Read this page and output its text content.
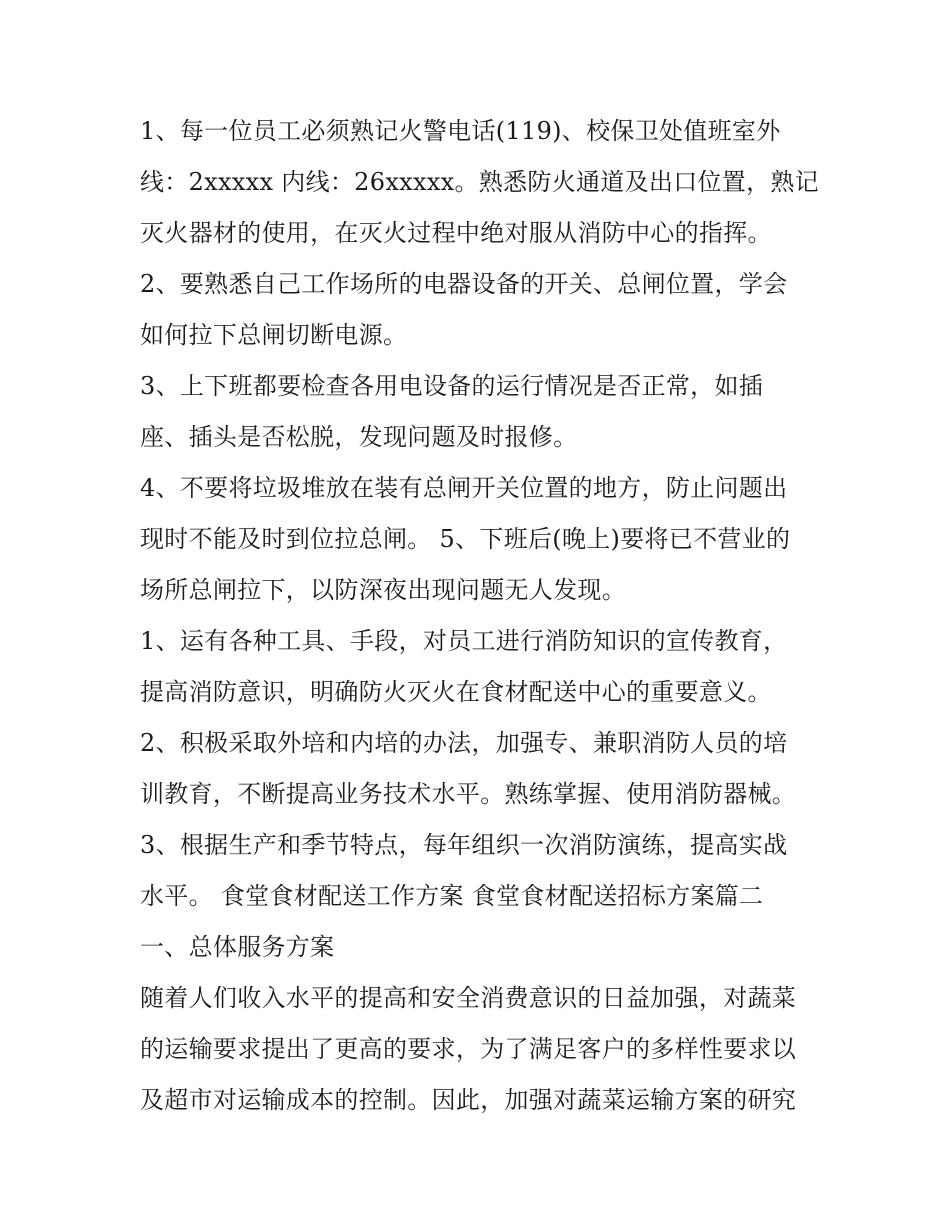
1、每一位员工必须熟记火警电话(119)、校保卫处值班室外
线：2xxxxx 内线：26xxxxx。熟悉防火通道及出口位置，熟记
灭火器材的使用，在灭火过程中绝对服从消防中心的指挥。
2、要熟悉自己工作场所的电器设备的开关、总闸位置，学会
如何拉下总闸切断电源。
3、上下班都要检查各用电设备的运行情况是否正常，如插
座、插头是否松脱，发现问题及时报修。
4、不要将垃圾堆放在装有总闸开关位置的地方，防止问题出
现时不能及时到位拉总闸。 5、下班后(晚上)要将已不营业的
场所总闸拉下，以防深夜出现问题无人发现。
1、运有各种工具、手段，对员工进行消防知识的宣传教育，
提高消防意识，明确防火灭火在食材配送中心的重要意义。
2、积极采取外培和内培的办法，加强专、兼职消防人员的培
训教育，不断提高业务技术水平。熟练掌握、使用消防器械。
3、根据生产和季节特点，每年组织一次消防演练，提高实战
水平。 食堂食材配送工作方案 食堂食材配送招标方案篇二
一、总体服务方案
随着人们收入水平的提高和安全消费意识的日益加强，对蔬菜
的运输要求提出了更高的要求，为了满足客户的多样性要求以
及超市对运输成本的控制。因此，加强对蔬菜运输方案的研究
